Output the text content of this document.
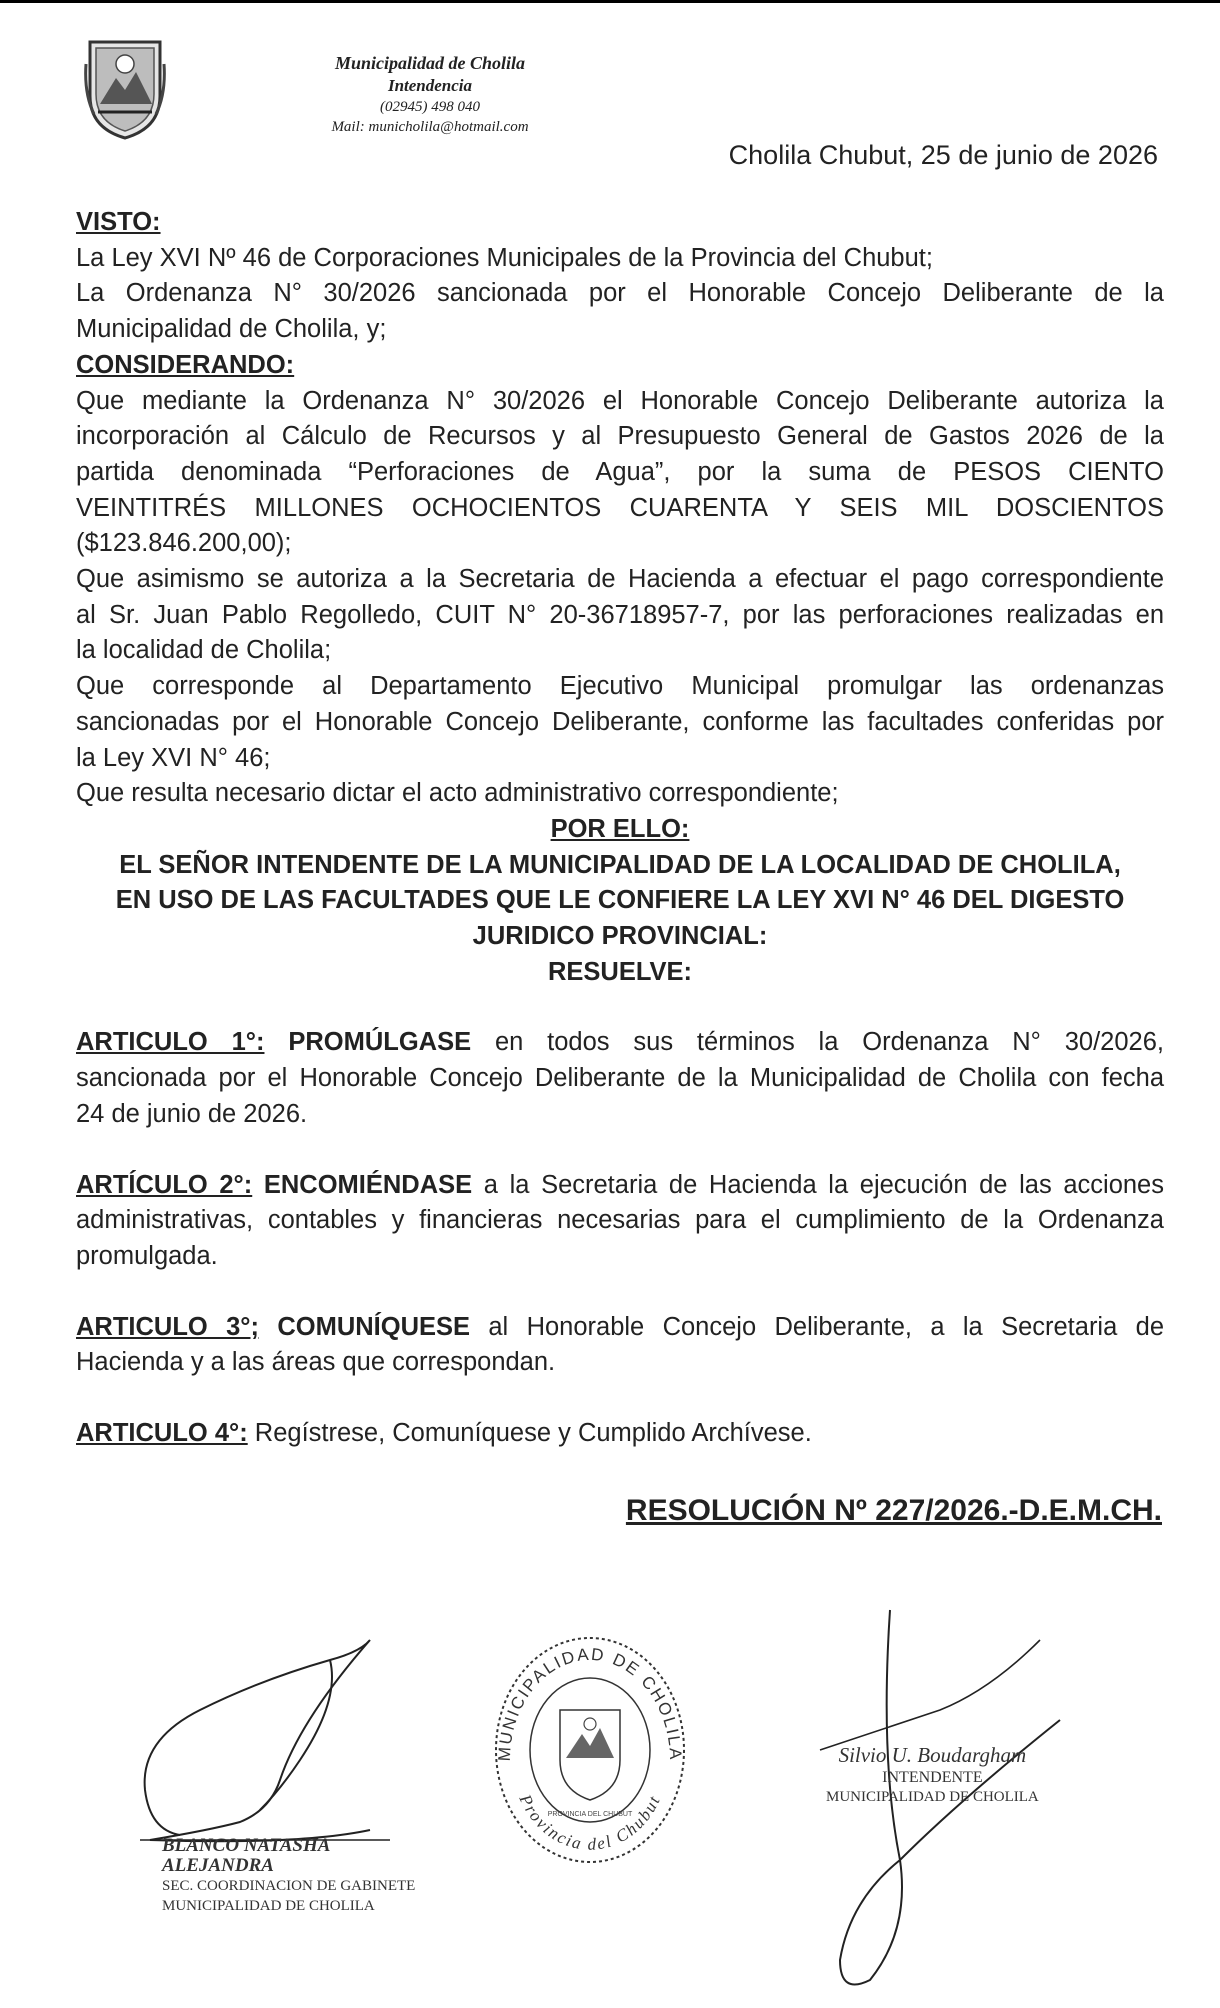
Municipalidad de Cholila
Intendencia
(02945) 498 040
Mail: municholila@hotmail.com
Cholila Chubut, 25 de junio de 2026
VISTO:
La Ley XVI Nº 46 de Corporaciones Municipales de la Provincia del Chubut;
La Ordenanza N° 30/2026 sancionada por el Honorable Concejo Deliberante de la
Municipalidad de Cholila, y;
CONSIDERANDO:
Que mediante la Ordenanza N° 30/2026 el Honorable Concejo Deliberante autoriza la
incorporación al Cálculo de Recursos y al Presupuesto General de Gastos 2026 de la
partida denominada “Perforaciones de Agua”, por la suma de PESOS CIENTO
VEINTITRÉS MILLONES OCHOCIENTOS CUARENTA Y SEIS MIL DOSCIENTOS
($123.846.200,00);
Que asimismo se autoriza a la Secretaria de Hacienda a efectuar el pago correspondiente
al Sr. Juan Pablo Regolledo, CUIT N° 20-36718957-7, por las perforaciones realizadas en
la localidad de Cholila;
Que corresponde al Departamento Ejecutivo Municipal promulgar las ordenanzas
sancionadas por el Honorable Concejo Deliberante, conforme las facultades conferidas por
la Ley XVI N° 46;
Que resulta necesario dictar el acto administrativo correspondiente;
POR ELLO:
EL SEÑOR INTENDENTE DE LA MUNICIPALIDAD DE LA LOCALIDAD DE CHOLILA,
EN USO DE LAS FACULTADES QUE LE CONFIERE LA LEY XVI N° 46 DEL DIGESTO
JURIDICO PROVINCIAL:
RESUELVE:
ARTICULO 1°: PROMÚLGASE en todos sus términos la Ordenanza N° 30/2026,
sancionada por el Honorable Concejo Deliberante de la Municipalidad de Cholila con fecha
24 de junio de 2026.
ARTÍCULO 2°: ENCOMIÉNDASE a la Secretaria de Hacienda la ejecución de las acciones
administrativas, contables y financieras necesarias para el cumplimiento de la Ordenanza
promulgada.
ARTICULO 3°; COMUNÍQUESE al Honorable Concejo Deliberante, a la Secretaria de
Hacienda y a las áreas que correspondan.
ARTICULO 4°: Regístrese, Comuníquese y Cumplido Archívese.
RESOLUCIÓN Nº 227/2026.-D.E.M.CH.
BLANCO NATASHA ALEJANDRA
SEC. COORDINACION DE GABINETE
MUNICIPALIDAD DE CHOLILA
MUNICIPALIDAD DE CHOLILA
Provincia del Chubut
PROVINCIA DEL CHUBUT
Silvio U. Boudargham
INTENDENTE
MUNICIPALIDAD DE CHOLILA
